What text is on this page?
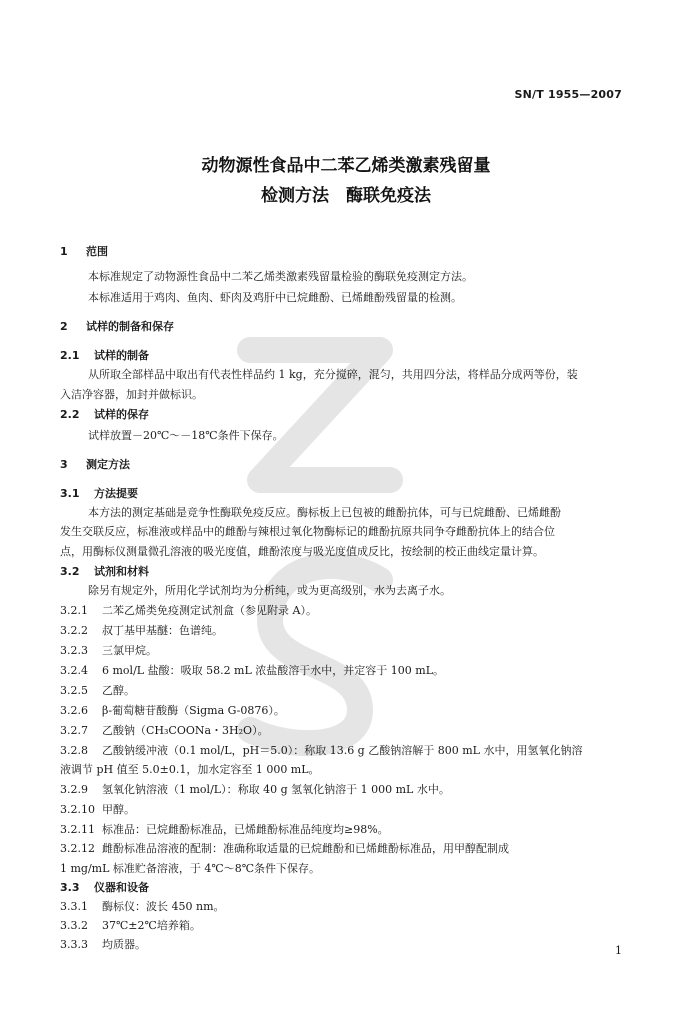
SN/T 1955—2007
动物源性食品中二苯乙烯类激素残留量
检测方法　酶联免疫法
1 范围
本标准规定了动物源性食品中二苯乙烯类激素残留量检验的酶联免疫测定方法。
本标准适用于鸡肉、鱼肉、虾肉及鸡肝中已烷雌酚、已烯雌酚残留量的检测。
2 试样的制备和保存
2.1 试样的制备
从所取全部样品中取出有代表性样品约 1 kg，充分搅碎，混匀，共用四分法，将样品分成两等份，装
入洁净容器，加封并做标识。
2.2 试样的保存
试样放置－20℃～－18℃条件下保存。
3 测定方法
3.1 方法提要
本方法的测定基础是竞争性酶联免疫反应。酶标板上已包被的雌酚抗体，可与已烷雌酚、已烯雌酚
发生交联反应，标准液或样品中的雌酚与辣根过氧化物酶标记的雌酚抗原共同争夺雌酚抗体上的结合位
点，用酶标仪测量微孔溶液的吸光度值，雌酚浓度与吸光度值成反比，按绘制的校正曲线定量计算。
3.2 试剂和材料
除另有规定外，所用化学试剂均为分析纯，或为更高级别，水为去离子水。
3.2.1 二苯乙烯类免疫测定试剂盒（参见附录 A）。
3.2.2 叔丁基甲基醚：色谱纯。
3.2.3 三氯甲烷。
3.2.4 6 mol/L 盐酸：吸取 58.2 mL 浓盐酸溶于水中，并定容于 100 mL。
3.2.5 乙醇。
3.2.6 β-葡萄糖苷酸酶（Sigma G-0876）。
3.2.7 乙酸钠（CH₃COONa・3H₂O）。
3.2.8 乙酸钠缓冲液（0.1 mol/L，pH＝5.0）：称取 13.6 g 乙酸钠溶解于 800 mL 水中，用氢氧化钠溶
液调节 pH 值至 5.0±0.1，加水定容至 1 000 mL。
3.2.9 氢氧化钠溶液（1 mol/L）：称取 40 g 氢氧化钠溶于 1 000 mL 水中。
3.2.10 甲醇。
3.2.11 标准品：已烷雌酚标准品，已烯雌酚标准品纯度均≥98%。
3.2.12 雌酚标准品溶液的配制：准确称取适量的已烷雌酚和已烯雌酚标准品，用甲醇配制成
1 mg/mL 标准贮备溶液，于 4℃～8℃条件下保存。
3.3 仪器和设备
3.3.1 酶标仪：波长 450 nm。
3.3.2 37℃±2℃培养箱。
3.3.3 均质器。	1
